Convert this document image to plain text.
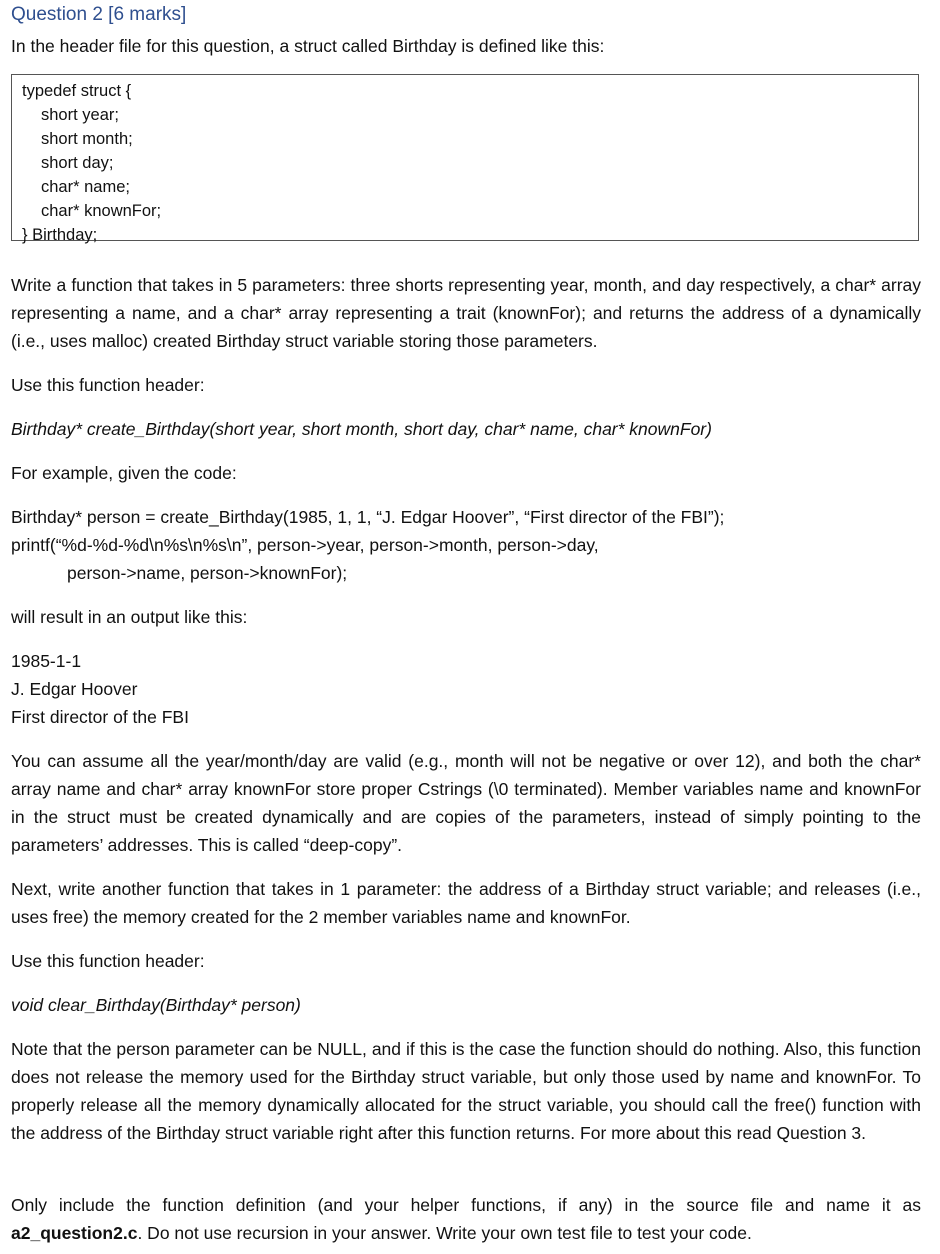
Question 2 [6 marks]
In the header file for this question, a struct called Birthday is defined like this:
typedef struct {
short year;
short month;
short day;
char* name;
char* knownFor;
} Birthday;
Write a function that takes in 5 parameters: three shorts representing year, month, and day respectively, a char* array representing a name, and a char* array representing a trait (knownFor); and returns the address of a dynamically (i.e., uses malloc) created Birthday struct variable storing those parameters.
Use this function header:
Birthday* create_Birthday(short year, short month, short day, char* name, char* knownFor)
For example, given the code:
Birthday* person = create_Birthday(1985, 1, 1, “J. Edgar Hoover”, “First director of the FBI”);
printf(“%d-%d-%d\n%s\n%s\n”, person->year, person->month, person->day,
person->name, person->knownFor);
will result in an output like this:
1985-1-1
J. Edgar Hoover
First director of the FBI
You can assume all the year/month/day are valid (e.g., month will not be negative or over 12), and both the char* array name and char* array knownFor store proper Cstrings (\0 terminated). Member variables name and knownFor in the struct must be created dynamically and are copies of the parameters, instead of simply pointing to the parameters’ addresses. This is called “deep-copy”.
Next, write another function that takes in 1 parameter: the address of a Birthday struct variable; and releases (i.e., uses free) the memory created for the 2 member variables name and knownFor.
Use this function header:
void clear_Birthday(Birthday* person)
Note that the person parameter can be NULL, and if this is the case the function should do nothing. Also, this function does not release the memory used for the Birthday struct variable, but only those used by name and knownFor. To properly release all the memory dynamically allocated for the struct variable, you should call the free() function with the address of the Birthday struct variable right after this function returns. For more about this read Question 3.
Only include the function definition (and your helper functions, if any) in the source file and name it as a2_question2.c. Do not use recursion in your answer. Write your own test file to test your code.
